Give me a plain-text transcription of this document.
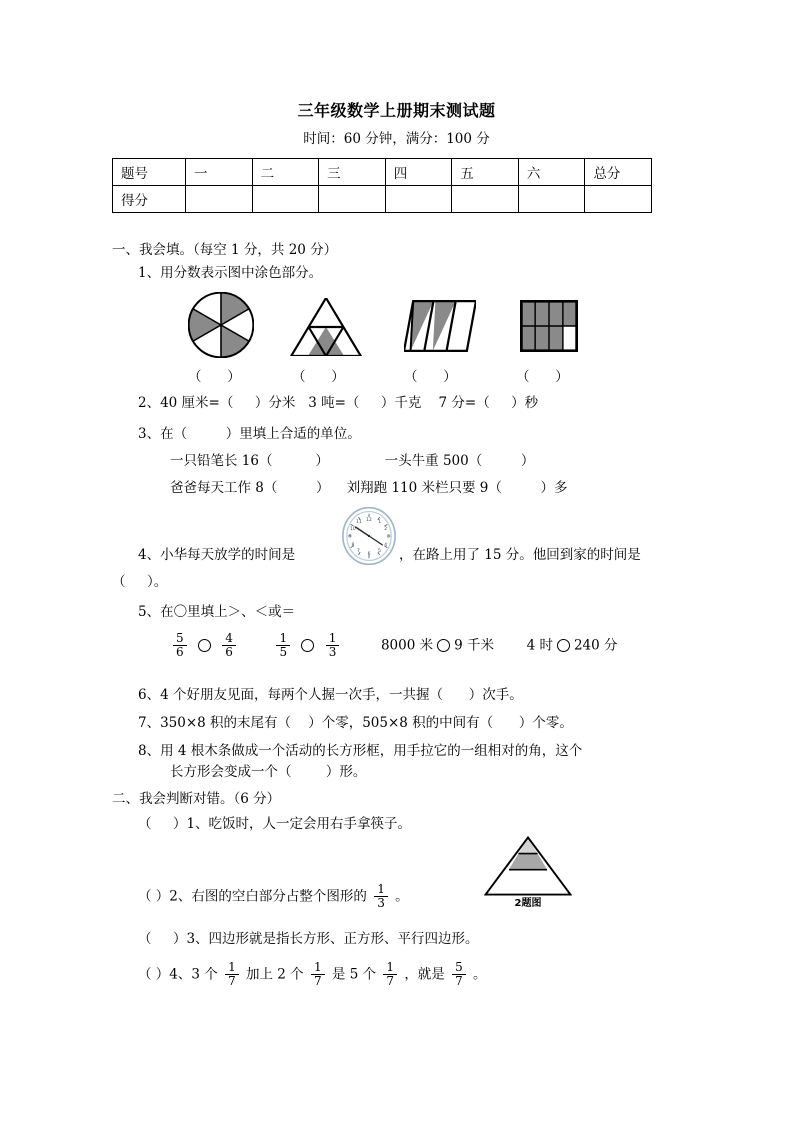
三年级数学上册期末测试题
时间：60 分钟，满分：100 分
题号	一	二	三	四	五	六	总分
得分							
一、我会填。（每空 1 分，共 20 分）
1、用分数表示图中涂色部分。
（      ）	（      ）	（      ）	（      ）
2、40 厘米=（     ）分米   3 吨=（     ）千克    7 分=（     ）秒
3、在（         ）里填上合适的单位。
一只铅笔长 16（          ）             一头牛重 500（         ）
爸爸每天工作 8（         ）    刘翔跑 110 米栏只要 9（         ）多
12
3
6
9
1
2
4
5
7
8
10
11
4、小华每天放学的时间是	，在路上用了 15 分。他回到家的时间是
（     ）。
5、在〇里填上＞、＜或＝
$\frac{5}{6}$
	$\frac{4}{6}$
	$\frac{1}{5}$
	$\frac{1}{3}$	8000 米 9 千米 4 时 240 分
6、4 个好朋友见面，每两个人握一次手，一共握（      ）次手。
7、350×8 积的末尾有（    ）个零，505×8 积的中间有（      ）个零。
8、用 4 根木条做成一个活动的长方形框，用手拉它的一组相对的角，这个
长方形会变成一个（        ）形。
二、我会判断对错。（6 分）
（     ）1、吃饭时，人一定会用右手拿筷子。
2题图
（ ）2、右图的空白部分占整个图形的 $\frac{1}{3}$ 。
（     ）3、四边形就是指长方形、正方形、平行四边形。
（ ）4、3 个 $\frac{1}{7}$ 加上 2 个 $\frac{1}{7}$ 是 5 个 $\frac{1}{7}$ ，就是 $\frac{5}{7}$ 。
